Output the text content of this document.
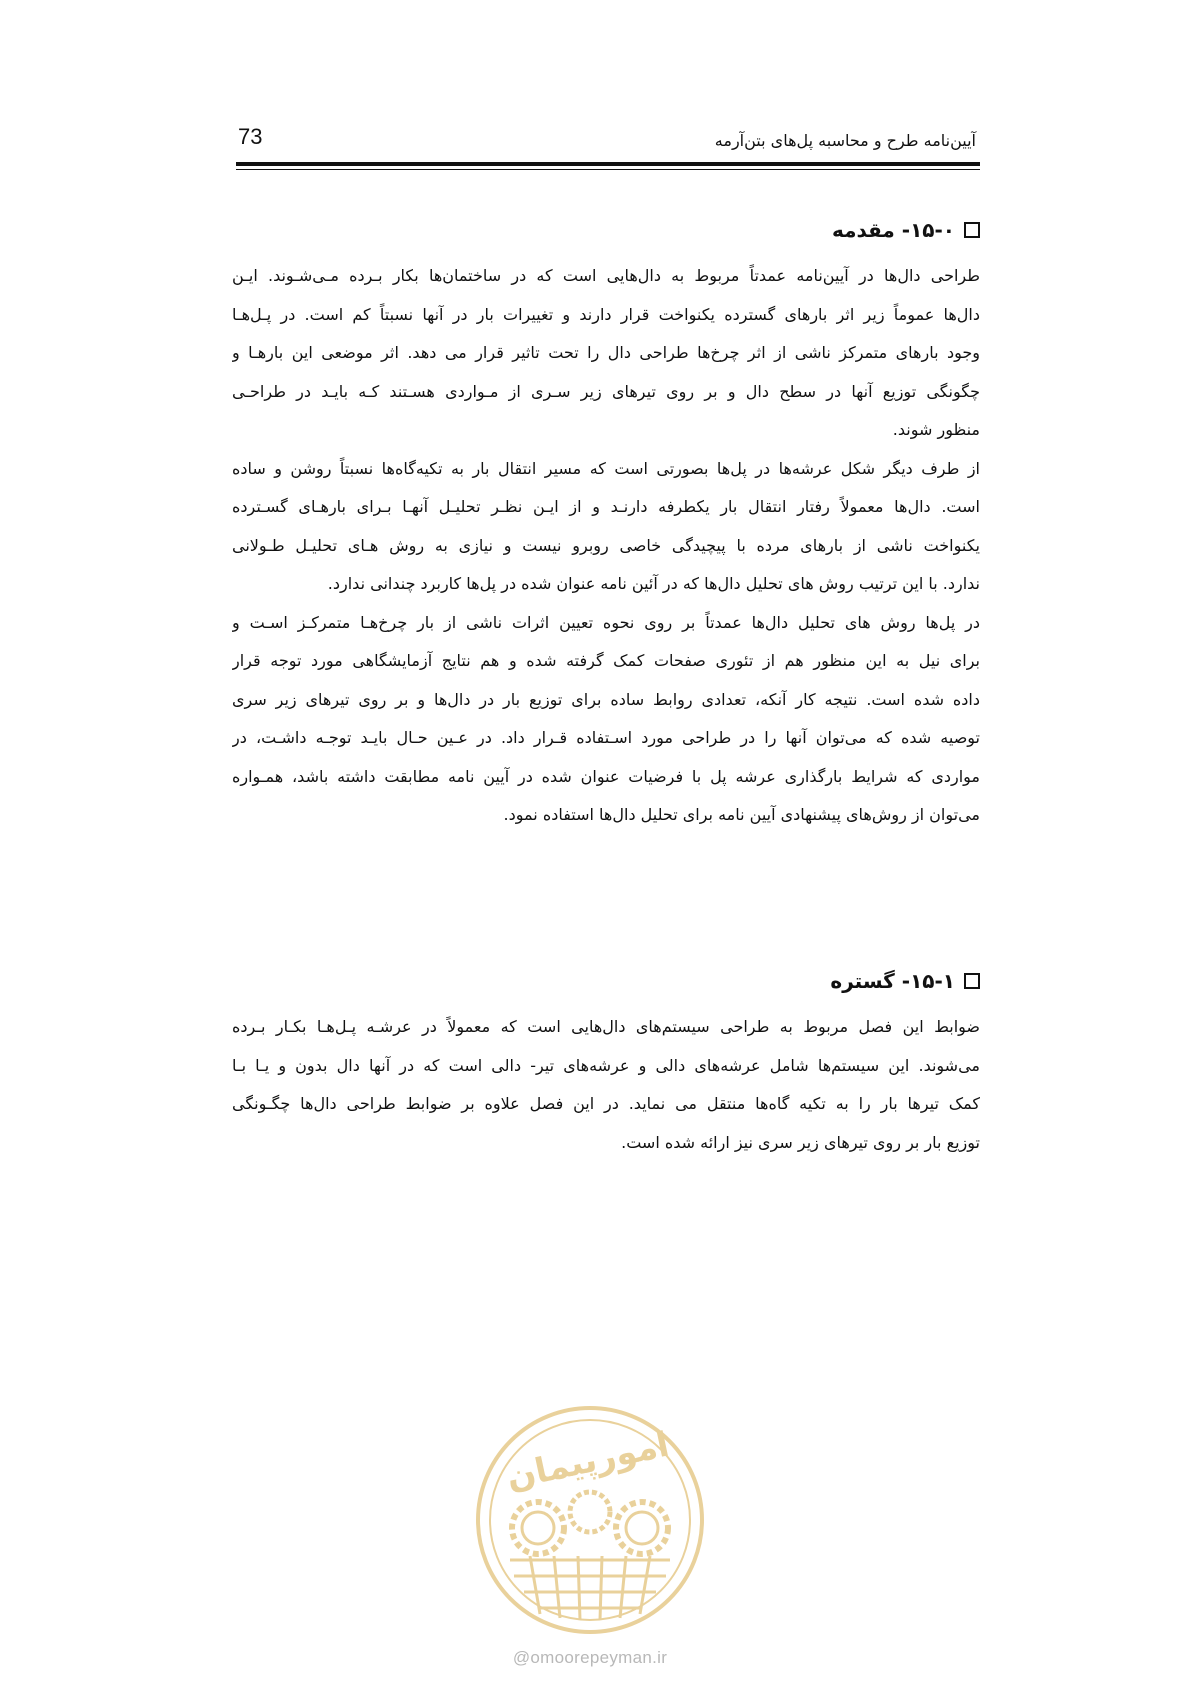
73	آیین‌نامه طرح و محاسبه پل‌های بتن‌آرمه
۱۵-۰- مقدمه

طراحی دال‌ها در آیین‌نامه عمدتاً مربوط به دال‌هایی است که در ساختمان‌ها بکار بـرده مـی‌شـوند. ایـن
دال‌ها عموماً زیر اثر بارهای گسترده یکنواخت قرار دارند و تغییرات بار در آنها نسبتاً کم است. در پـل‌هـا
وجود بارهای متمرکز ناشی از اثر چرخ‌ها طراحی دال را تحت تاثیر قرار می دهد. اثر موضعی این بارهـا و
چگونگی توزیع آنها در سطح دال و بر روی تیرهای زیر سـری از مـواردی هسـتند کـه بایـد در طراحـی
منظور شوند.

از طرف دیگر شکل عرشه‌ها در پل‌ها بصورتی است که مسیر انتقال بار به تکیه‌گاه‌ها نسبتاً روشن و ساده
است. دال‌ها معمولاً رفتار انتقال بار یکطرفه دارنـد و از ایـن نظـر تحلیـل آنهـا بـرای بارهـای گسـترده
یکنواخت ناشی از بارهای مرده با پیچیدگی خاصی روبرو نیست و نیازی به روش هـای تحلیـل طـولانی
ندارد. با این ترتیب روش های تحلیل دال‌ها که در آئین نامه عنوان شده در پل‌ها کاربرد چندانی ندارد.

در پل‌ها روش های تحلیل دال‌ها عمدتاً بر روی نحوه تعیین اثرات ناشی از بار چرخ‌هـا متمرکـز اسـت و
برای نیل به این منظور هم از تئوری صفحات کمک گرفته شده و هم نتایج آزمایشگاهی مورد توجه قرار
داده شده است. نتیجه کار آنکه، تعدادی روابط ساده برای توزیع بار در دال‌ها و بر روی تیرهای زیر سری
توصیه شده که می‌توان آنها را در طراحی مورد اسـتفاده قـرار داد. در عـین حـال بایـد توجـه داشـت، در
مواردی که شرایط بارگذاری عرشه پل با فرضیات عنوان شده در آیین نامه مطابقت داشته باشد، همـواره
می‌توان از روش‌های پیشنهادی آیین نامه برای تحلیل دال‌ها استفاده نمود.

۱۵-۱- گستره

ضوابط این فصل مربوط به طراحی سیستم‌های دال‌هایی است که معمولاً در عرشـه پـل‌هـا بکـار بـرده
می‌شوند. این سیستم‌ها شامل عرشه‌های دالی و عرشه‌های تیر- دالی است که در آنها دال بدون و یـا بـا
کمک تیرها بار را به تکیه گاه‌ها منتقل می نماید. در این فصل علاوه بر ضوابط طراحی دال‌ها چگـونگی
توزیع بار بر روی تیرهای زیر سری نیز ارائه شده است.

امورپیمان
@omoorepeyman.ir
